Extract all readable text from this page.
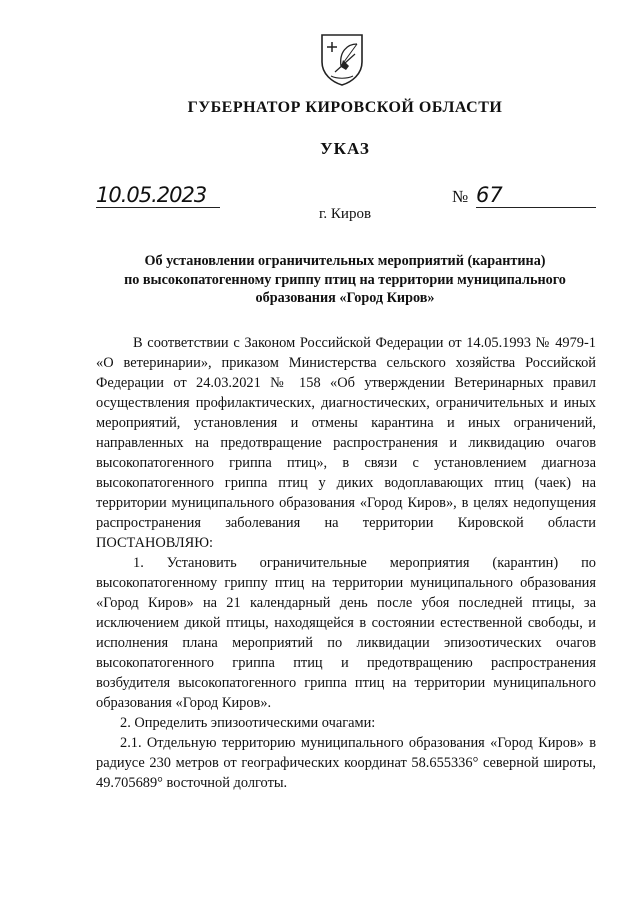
ГУБЕРНАТОР КИРОВСКОЙ ОБЛАСТИ
УКАЗ
10.05.2023	№ 67
г. Киров
Об установлении ограничительных мероприятий (карантина)
по высокопатогенному гриппу птиц на территории муниципального
образования «Город Киров»

В соответствии с Законом Российской Федерации от 14.05.1993 № 4979-1 «О ветеринарии», приказом Министерства сельского хозяйства Российской Федерации от 24.03.2021 № 158 «Об утверждении Ветеринарных правил осуществления профилактических, диагностических, ограничительных и иных мероприятий, установления и отмены карантина и иных ограничений, направленных на предотвращение распространения и ликвидацию очагов высокопатогенного гриппа птиц», в связи с установлением диагноза высокопатогенного гриппа птиц у диких водоплавающих птиц (чаек) на территории муниципального образования «Город Киров», в целях недопущения распространения заболевания на территории Кировской области ПОСТАНОВЛЯЮ:

1. Установить ограничительные мероприятия (карантин) по высокопатогенному гриппу птиц на территории муниципального образования «Город Киров» на 21 календарный день после убоя последней птицы, за исключением дикой птицы, находящейся в состоянии естественной свободы, и исполнения плана мероприятий по ликвидации эпизоотических очагов высокопатогенного гриппа птиц и предотвращению распространения возбудителя высокопатогенного гриппа птиц на территории муниципального образования «Город Киров».

2. Определить эпизоотическими очагами:

2.1. Отдельную территорию муниципального образования «Город Киров» в радиусе 230 метров от географических координат 58.655336° северной широты, 49.705689° восточной долготы.
